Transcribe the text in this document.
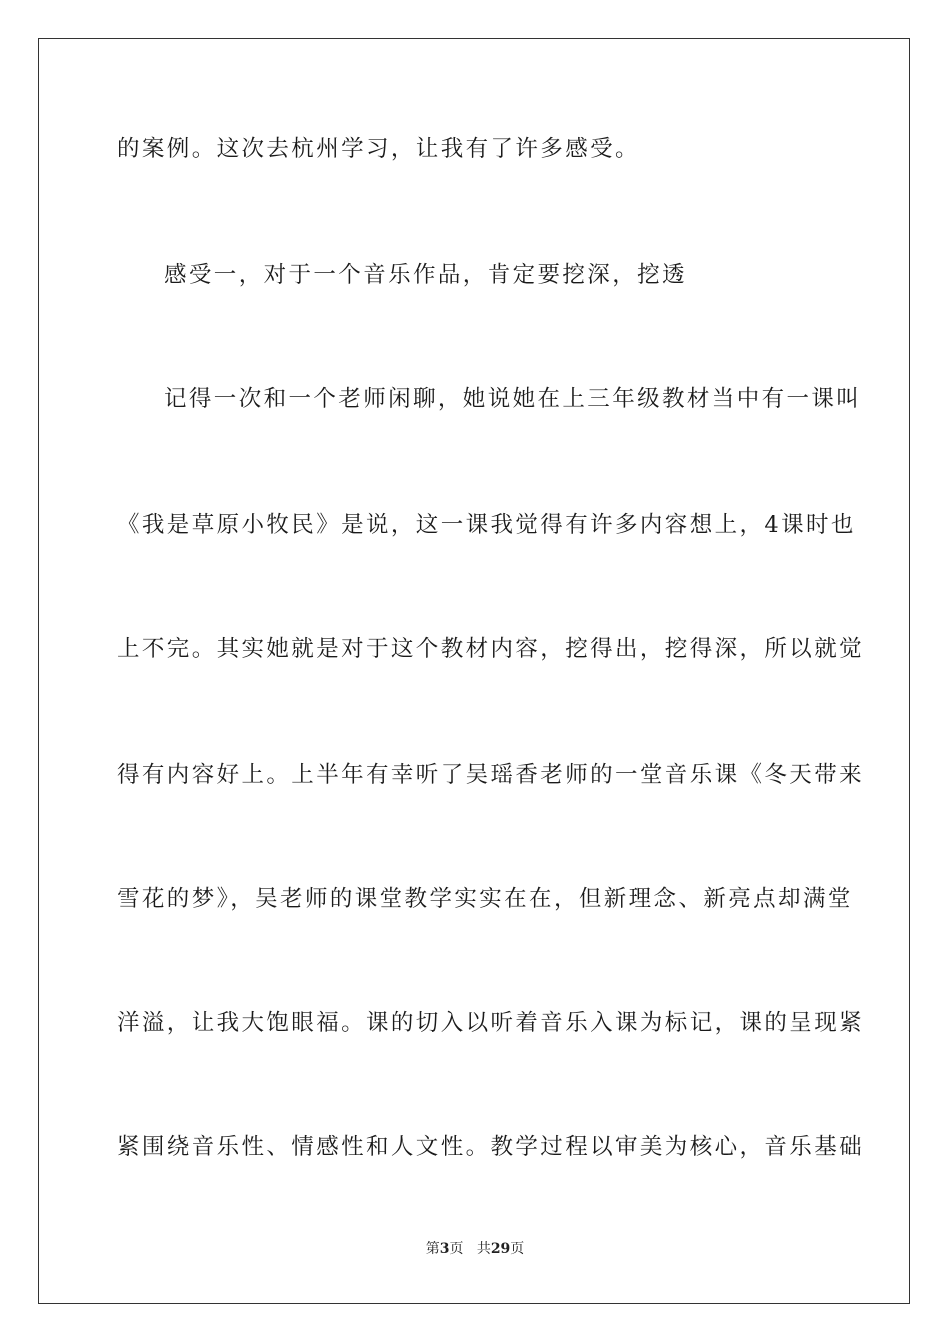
的案例。这次去杭州学习，让我有了许多感受。
感受一，对于一个音乐作品，肯定要挖深，挖透
记得一次和一个老师闲聊，她说她在上三年级教材当中有一课叫
《我是草原小牧民》是说，这一课我觉得有许多内容想上，4课时也
上不完。其实她就是对于这个教材内容，挖得出，挖得深，所以就觉
得有内容好上。上半年有幸听了吴瑶香老师的一堂音乐课《冬天带来
雪花的梦》，吴老师的课堂教学实实在在，但新理念、新亮点却满堂
洋溢，让我大饱眼福。课的切入以听着音乐入课为标记，课的呈现紧
紧围绕音乐性、情感性和人文性。教学过程以审美为核心，音乐基础
第3页 共29页
